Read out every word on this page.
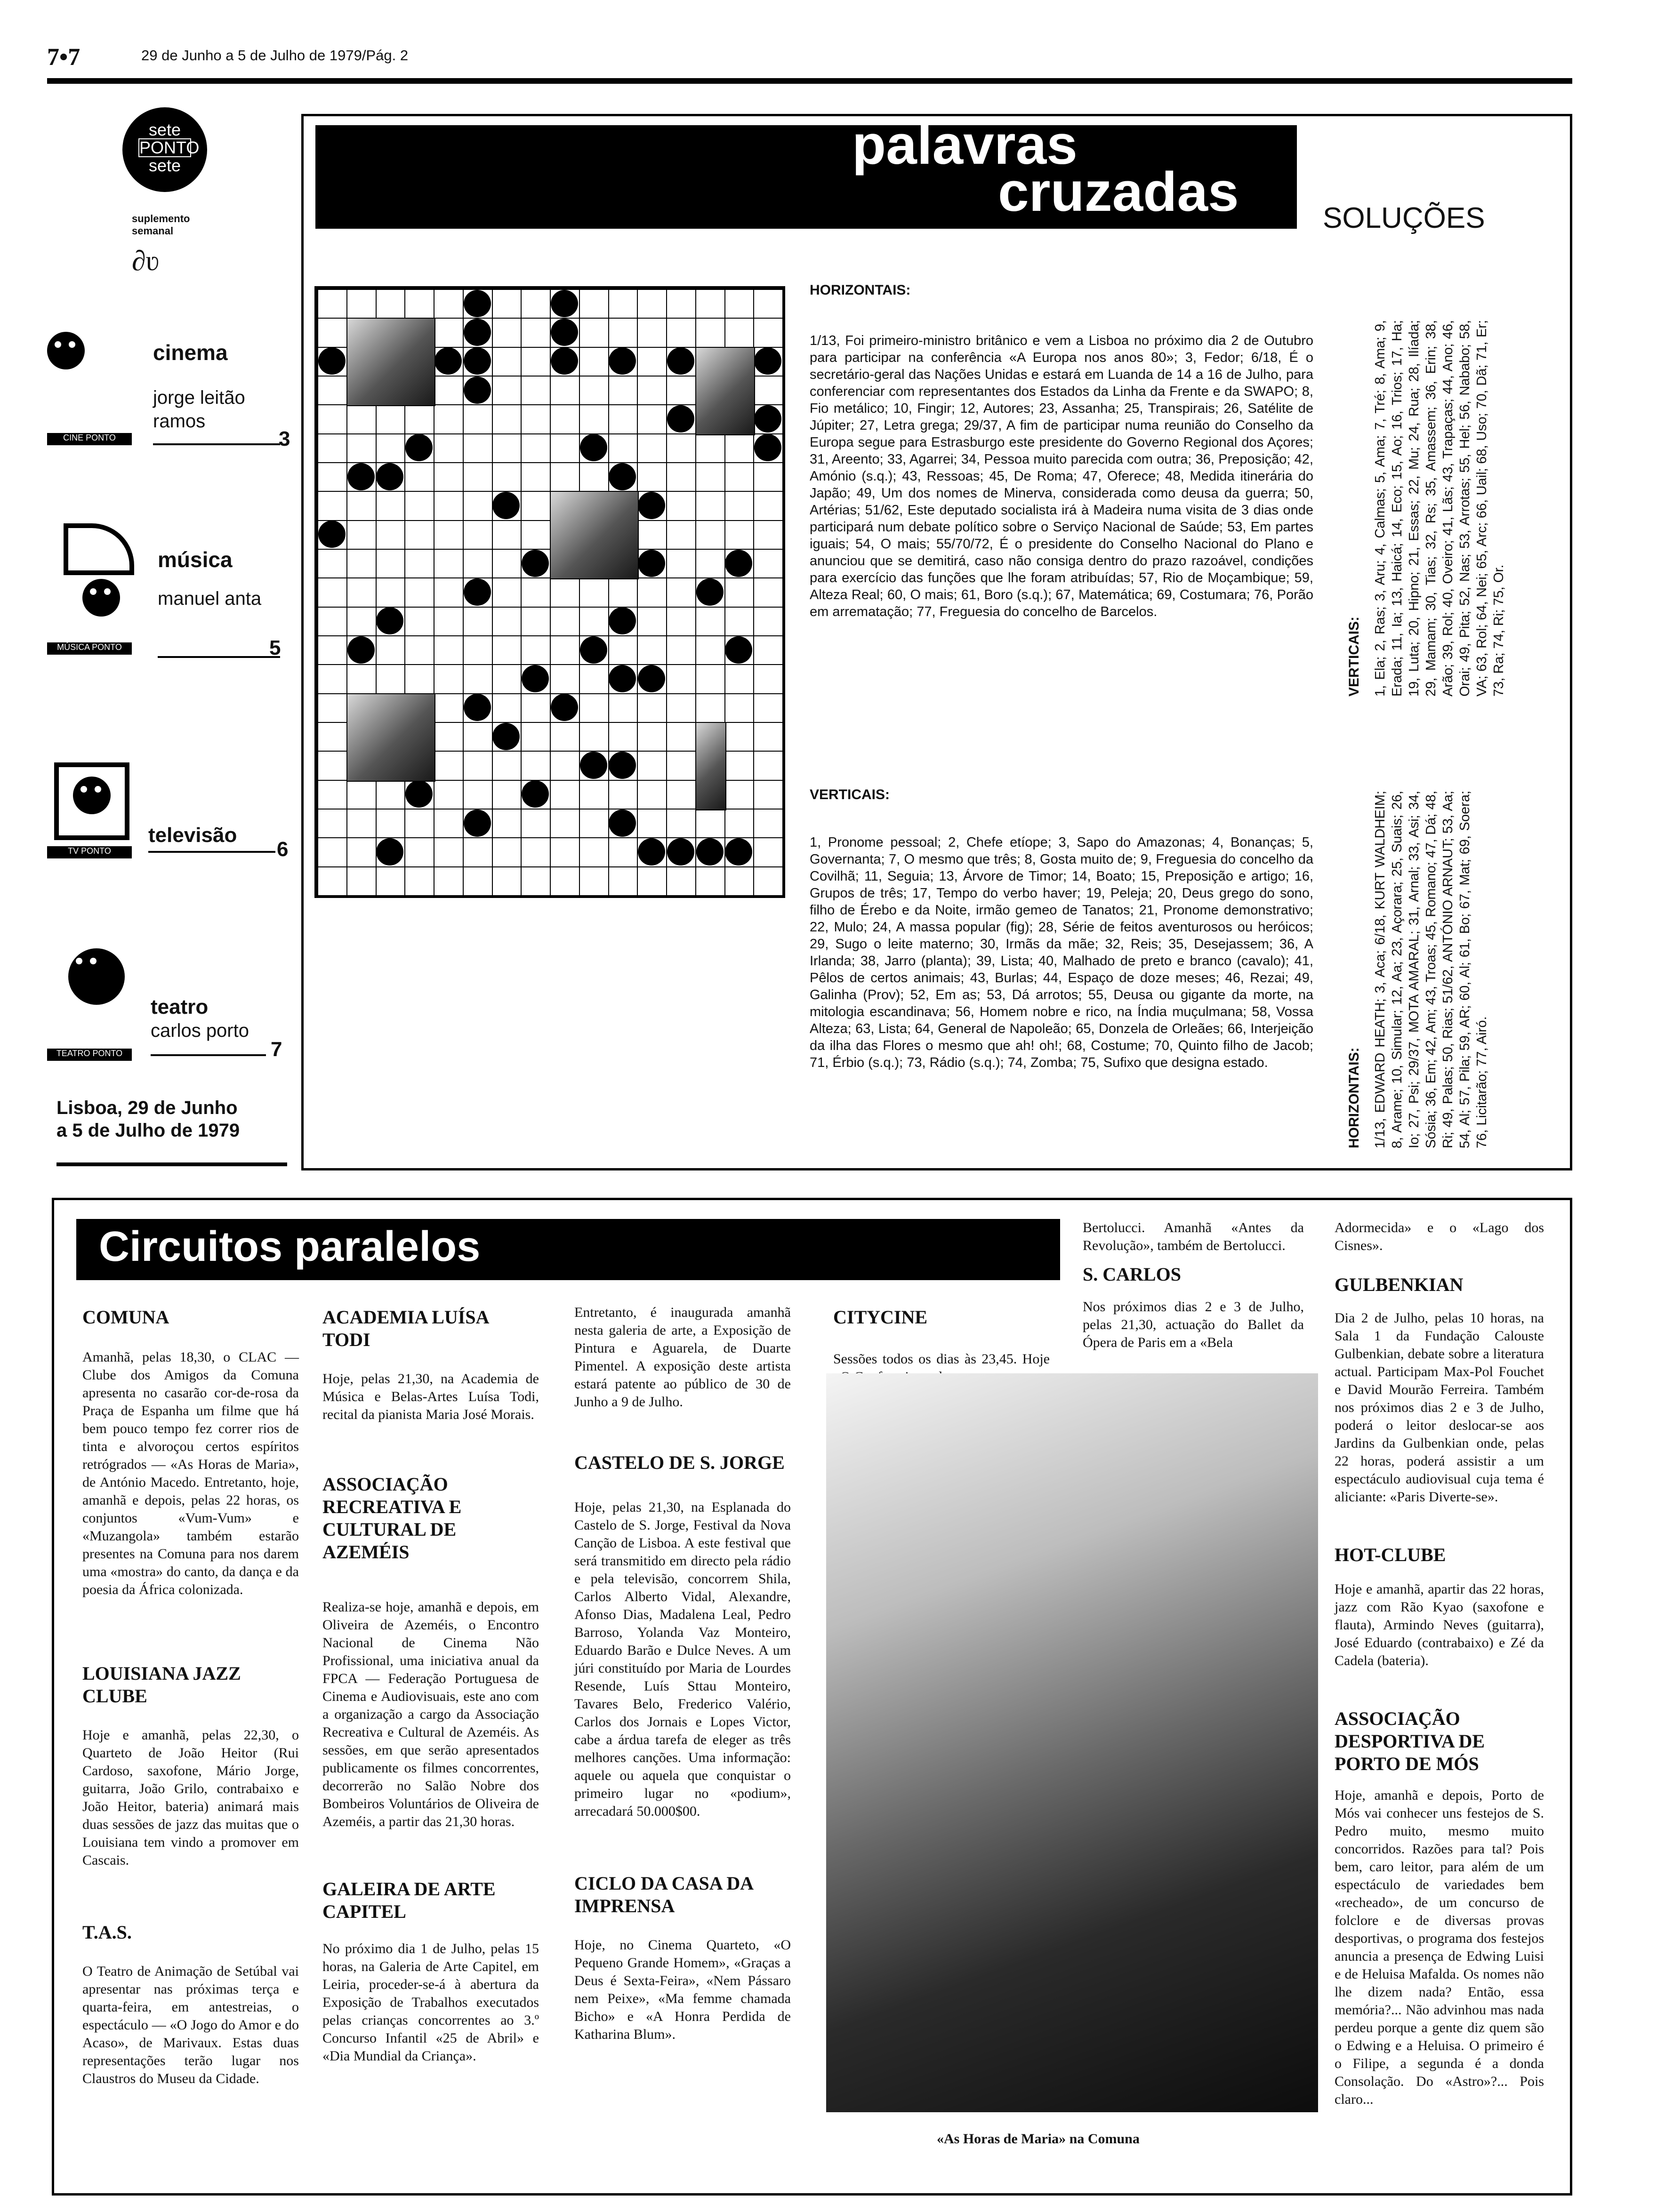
7•7	29 de Junho a 5 de Julho de 1979/Pág. 2
sete
PONTO
sete
suplemento
semanal
∂ʋ
CINE PONTO
cinema
jorge leitão ramos
3
MÚSICA PONTO
música
manuel anta
5
TV PONTO
televisão
6
TEATRO PONTO
teatro
carlos porto
7
Lisboa, 29 de Junho
a 5 de Julho de 1979
palavras
cruzadas	SOLUÇÕES
HORIZONTAIS:
1/13, Foi primeiro-ministro britânico e vem a Lisboa no próximo dia 2 de Outubro para participar na conferência «A Europa nos anos 80»; 3, Fedor; 6/18, É o secretário-geral das Nações Unidas e estará em Luanda de 14 a 16 de Julho, para conferenciar com representantes dos Estados da Linha da Frente e da SWAPO; 8, Fio metálico; 10, Fingir; 12, Autores; 23, Assanha; 25, Transpirais; 26, Satélite de Júpiter; 27, Letra grega; 29/37, A fim de participar numa reunião do Conselho da Europa segue para Estrasburgo este presidente do Governo Regional dos Açores; 31, Areento; 33, Agarrei; 34, Pessoa muito parecida com outra; 36, Preposição; 42, Amónio (s.q.); 43, Ressoas; 45, De Roma; 47, Oferece; 48, Medida itinerária do Japão; 49, Um dos nomes de Minerva, considerada como deusa da guerra; 50, Artérias; 51/62, Este deputado socialista irá à Madeira numa visita de 3 dias onde participará num debate político sobre o Serviço Nacional de Saúde; 53, Em partes iguais; 54, O mais; 55/70/72, É o presidente do Conselho Nacional do Plano e anunciou que se demitirá, caso não consiga dentro do prazo razoável, condições para exercício das funções que lhe foram atribuídas; 57, Rio de Moçambique; 59, Alteza Real; 60, O mais; 61, Boro (s.q.); 67, Matemática; 69, Costumara; 76, Porão em arrematação; 77, Freguesia do concelho de Barcelos.
VERTICAIS:
1, Pronome pessoal; 2, Chefe etíope; 3, Sapo do Amazonas; 4, Bonanças; 5, Governanta; 7, O mesmo que três; 8, Gosta muito de; 9, Freguesia do concelho da Covilhã; 11, Seguia; 13, Árvore de Timor; 14, Boato; 15, Preposição e artigo; 16, Grupos de três; 17, Tempo do verbo haver; 19, Peleja; 20, Deus grego do sono, filho de Érebo e da Noite, irmão gemeo de Tanatos; 21, Pronome demonstrativo; 22, Mulo; 24, A massa popular (fig); 28, Série de feitos aventurosos ou heróicos; 29, Sugo o leite materno; 30, Irmãs da mãe; 32, Reis; 35, Desejassem; 36, A Irlanda; 38, Jarro (planta); 39, Lista; 40, Malhado de preto e branco (cavalo); 41, Pêlos de certos animais; 43, Burlas; 44, Espaço de doze meses; 46, Rezai; 49, Galinha (Prov); 52, Em as; 53, Dá arrotos; 55, Deusa ou gigante da morte, na mitologia escandinava; 56, Homem nobre e rico, na Índia muçulmana; 58, Vossa Alteza; 63, Lista; 64, General de Napoleão; 65, Donzela de Orleães; 66, Interjeição da ilha das Flores o mesmo que ah! oh!; 68, Costume; 70, Quinto filho de Jacob; 71, Érbio (s.q.); 73, Rádio (s.q.); 74, Zomba; 75, Sufixo que designa estado.
VERTICAIS: 1, Ela; 2, Ras; 3, Aru; 4, Calmas; 5, Ama; 7, Tré; 8, Ama; 9, Erada; 11, Ia; 13, Haicá; 14, Eco; 15, Ao; 16, Trios; 17, Ha; 19, Luta; 20, Hipno; 21, Essas; 22, Mu; 24, Rua; 28, Ilíada; 29, Mamam; 30, Tias; 32, Rs; 35, Amassem; 36, Erin; 38, Arão; 39, Rol; 40, Oveiro; 41, Lãs; 43, Trapaças; 44, Ano; 46, Orai; 49, Pita; 52, Nas; 53, Arrotas; 55, Hel; 56, Nababo; 58, VA; 63, Rol; 64, Nei; 65, Arc; 66, Uail; 68, Uso; 70, Dã; 71, Er; 73, Ra; 74, Ri; 75, Or.
HORIZONTAIS: 1/13, EDWARD HEATH; 3, Aca; 6/18, KURT WALDHEIM; 8, Arame; 10, Simular; 12, Aa; 23, Açorara; 25, Suais; 26, Io; 27, Psi; 29/37, MOTA AMARAL; 31, Arnal; 33, Asi; 34, Sósia; 36, Em; 42, Am; 43, Troas; 45, Romano; 47, Dá; 48, Ri; 49, Palas; 50, Rias; 51/62, ANTÓNIO ARNAUT; 53, Aa; 54, Al; 57, Pila; 59, AR; 60, Al; 61, Bo; 67, Mat; 69, Soera; 76, Licitarão; 77, Airó.
Circuitos paralelos
COMUNA

Amanhã, pelas 18,30, o CLAC — Clube dos Amigos da Comuna apresenta no casarão cor-de-rosa da Praça de Espanha um filme que há bem pouco tempo fez correr rios de tinta e alvoroçou certos espíritos retrógrados — «As Horas de Maria», de António Macedo. Entretanto, hoje, amanhã e depois, pelas 22 horas, os conjuntos «Vum-Vum» e «Muzangola» também estarão presentes na Comuna para nos darem uma «mostra» do canto, da dança e da poesia da África colonizada.

LOUISIANA JAZZ CLUBE

Hoje e amanhã, pelas 22,30, o Quarteto de João Heitor (Rui Cardoso, saxofone, Mário Jorge, guitarra, João Grilo, contrabaixo e João Heitor, bateria) animará mais duas sessões de jazz das muitas que o Louisiana tem vindo a promover em Cascais.

T.A.S.

O Teatro de Animação de Setúbal vai apresentar nas próximas terça e quarta-feira, em antestreias, o espectáculo — «O Jogo do Amor e do Acaso», de Marivaux. Estas duas representações terão lugar nos Claustros do Museu da Cidade.

ACADEMIA LUÍSA TODI

Hoje, pelas 21,30, na Academia de Música e Belas-Artes Luísa Todi, recital da pianista Maria José Morais.

ASSOCIAÇÃO RECREATIVA E CULTURAL DE AZEMÉIS

Realiza-se hoje, amanhã e depois, em Oliveira de Azeméis, o Encontro Nacional de Cinema Não Profissional, uma iniciativa anual da FPCA — Federação Portuguesa de Cinema e Audiovisuais, este ano com a organização a cargo da Associação Recreativa e Cultural de Azeméis. As sessões, em que serão apresentados publicamente os filmes concorrentes, decorrerão no Salão Nobre dos Bombeiros Voluntários de Oliveira de Azeméis, a partir das 21,30 horas.

GALEIRA DE ARTE CAPITEL

No próximo dia 1 de Julho, pelas 15 horas, na Galeria de Arte Capitel, em Leiria, proceder-se-á à abertura da Exposição de Trabalhos executados pelas crianças concorrentes ao 3.º Concurso Infantil «25 de Abril» e «Dia Mundial da Criança».

Entretanto, é inaugurada amanhã nesta galeria de arte, a Exposição de Pintura e Aguarela, de Duarte Pimentel. A exposição deste artista estará patente ao público de 30 de Junho a 9 de Julho.

CASTELO DE S. JORGE

Hoje, pelas 21,30, na Esplanada do Castelo de S. Jorge, Festival da Nova Canção de Lisboa. A este festival que será transmitido em directo pela rádio e pela televisão, concorrem Shila, Carlos Alberto Vidal, Alexandre, Afonso Dias, Madalena Leal, Pedro Barroso, Yolanda Vaz Monteiro, Eduardo Barão e Dulce Neves. A um júri constituído por Maria de Lourdes Resende, Luís Sttau Monteiro, Tavares Belo, Frederico Valério, Carlos dos Jornais e Lopes Victor, cabe a árdua tarefa de eleger as três melhores canções. Uma informação: aquele ou aquela que conquistar o primeiro lugar no «podium», arrecadará 50.000$00.

CICLO DA CASA DA IMPRENSA

Hoje, no Cinema Quarteto, «O Pequeno Grande Homem», «Graças a Deus é Sexta-Feira», «Nem Pássaro nem Peixe», «Ma femme chamada Bicho» e «A Honra Perdida de Katharina Blum».

CITYCINE

Sessões todos os dias às 23,45. Hoje

Bertolucci. Amanhã «Antes da Revolução», também de Bertolucci.

S. CARLOS

Nos próximos dias 2 e 3 de Julho, pelas 21,30, actuação do Ballet da Ópera de Paris em a «Bela

«As Horas de Maria» na Comuna

Adormecida» e o «Lago dos Cisnes».

GULBENKIAN

Dia 2 de Julho, pelas 10 horas, na Sala 1 da Fundação Calouste Gulbenkian, debate sobre a literatura actual. Participam Max-Pol Fouchet e David Mourão Ferreira. Também nos próximos dias 2 e 3 de Julho, poderá o leitor deslocar-se aos Jardins da Gulbenkian onde, pelas 22 horas, poderá assistir a um espectáculo audiovisual cuja tema é aliciante: «Paris Diverte-se».

HOT-CLUBE

Hoje e amanhã, apartir das 22 horas, jazz com Rão Kyao (saxofone e flauta), Armindo Neves (guitarra), José Eduardo (contrabaixo) e Zé da Cadela (bateria).

ASSOCIAÇÃO DESPORTIVA DE PORTO DE MÓS

Hoje, amanhã e depois, Porto de Mós vai conhecer uns festejos de S. Pedro muito, mesmo muito concorridos. Razões para tal? Pois bem, caro leitor, para além de um espectáculo de variedades bem «recheado», de um concurso de folclore e de diversas provas desportivas, o programa dos festejos anuncia a presença de Edwing Luisi e de Heluisa Mafalda. Os nomes não lhe dizem nada? Então, essa memória?... Não advinhou mas nada perdeu porque a gente diz quem são o Edwing e a Heluisa. O primeiro é o Filipe, a segunda é a donda Consolação. Do «Astro»?... Pois claro...
